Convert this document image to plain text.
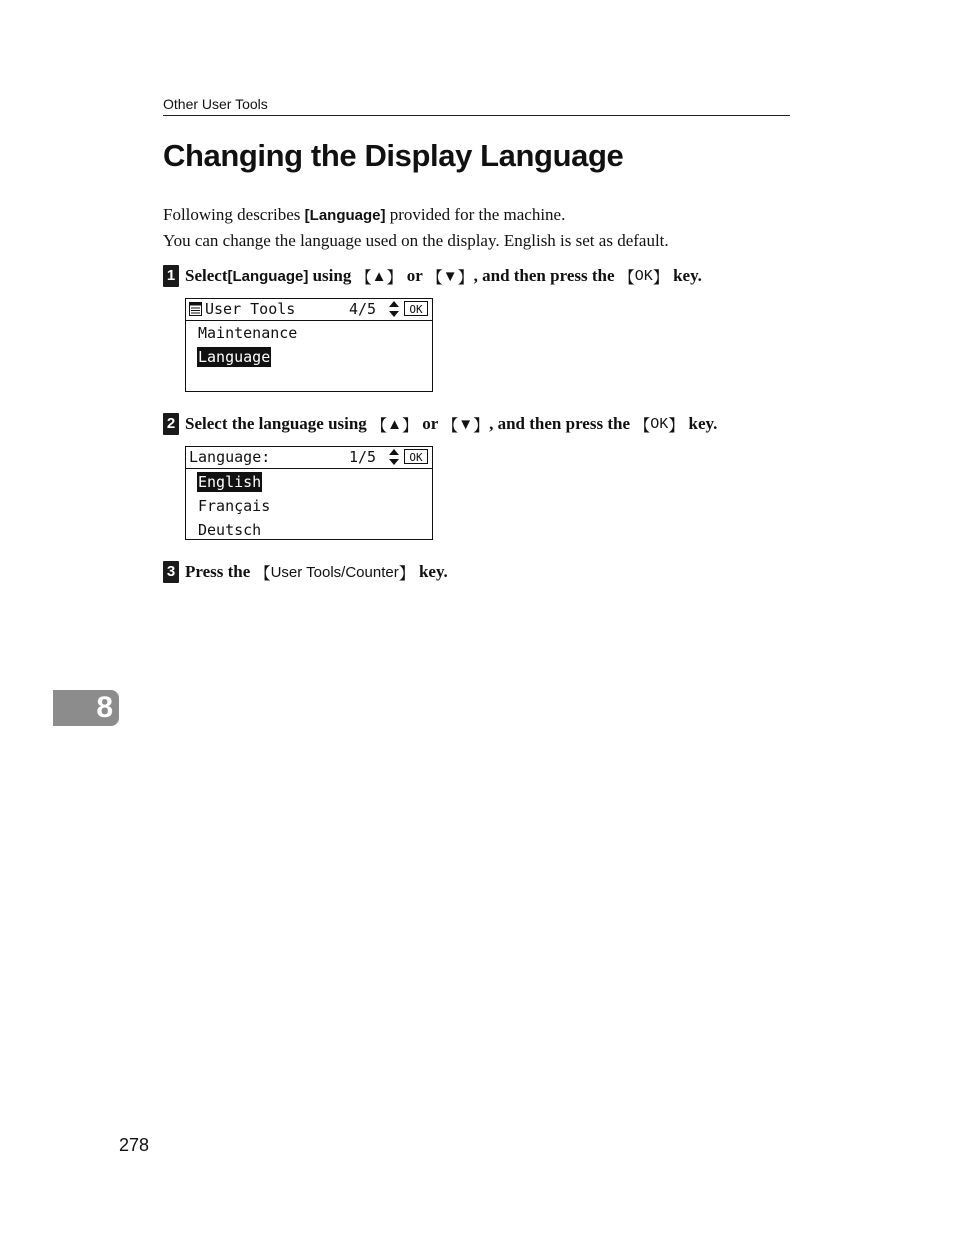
Other User Tools
Changing the Display Language
Following describes [Language] provided for the machine.
You can change the language used on the display. English is set as default.
1 Select [Language] using 【 ▲ 】 or 【 ▼ 】 , and then press the 【 OK 】 key.
User Tools	4/5	OK
Maintenance
Language
2 Select the language using 【 ▲ 】 or 【 ▼ 】 , and then press the 【 OK 】 key.
Language:	1/5	OK
English
Français
Deutsch
3 Press the 【 User Tools/Counter 】 key.
8
278
